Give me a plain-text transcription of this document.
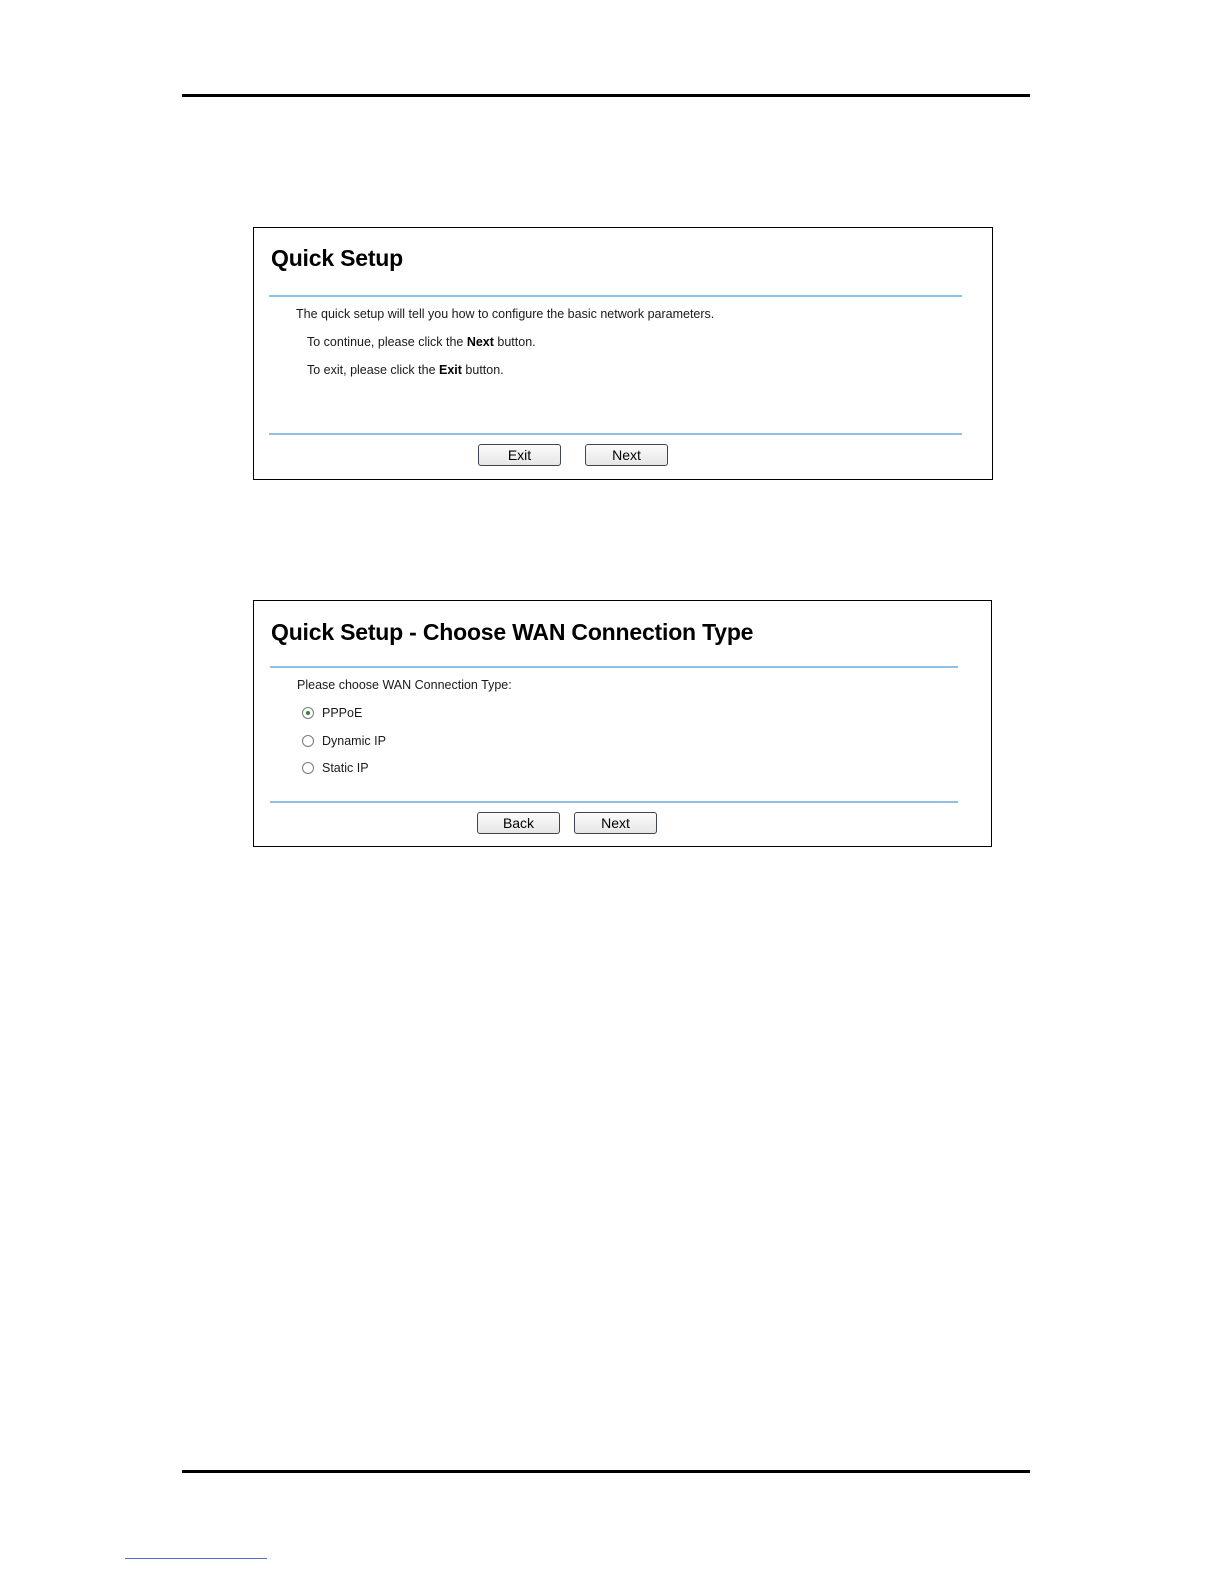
Quick Setup
The quick setup will tell you how to configure the basic network parameters.
To continue, please click the Next button.
To exit, please click the Exit button.
Exit	Next
Quick Setup - Choose WAN Connection Type
Please choose WAN Connection Type:
PPPoE
Dynamic IP
Static IP
Back	Next
